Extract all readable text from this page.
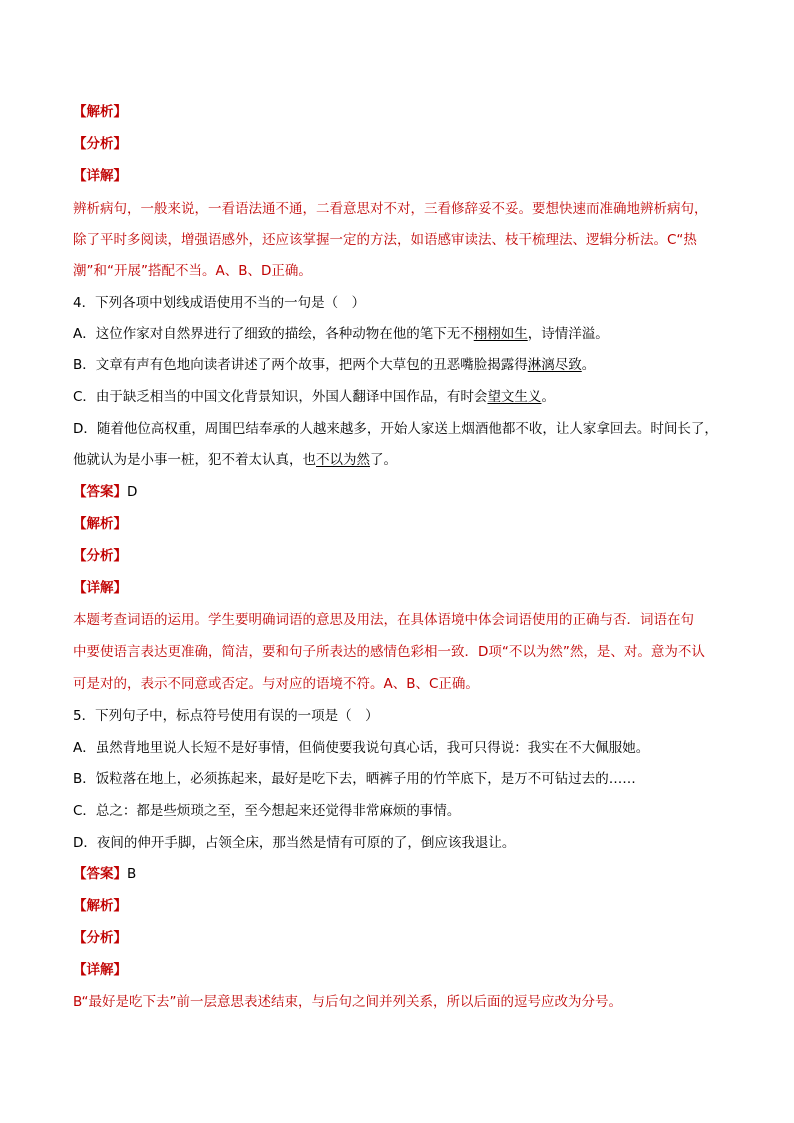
【解析】
【分析】
【详解】
辨析病句，一般来说，一看语法通不通，二看意思对不对，三看修辞妥不妥。要想快速而准确地辨析病句，
除了平时多阅读，增强语感外，还应该掌握一定的方法，如语感审读法、枝干梳理法、逻辑分析法。C“热
潮”和“开展”搭配不当。A、B、D正确。
4．下列各项中划线成语使用不当的一句是（　）
A．这位作家对自然界进行了细致的描绘，各种动物在他的笔下无不栩栩如生，诗情洋溢。
B．文章有声有色地向读者讲述了两个故事，把两个大草包的丑恶嘴脸揭露得淋漓尽致。
C．由于缺乏相当的中国文化背景知识，外国人翻译中国作品，有时会望文生义。
D．随着他位高权重，周围巴结奉承的人越来越多，开始人家送上烟酒他都不收，让人家拿回去。时间长了，
他就认为是小事一桩，犯不着太认真，也不以为然了。
【答案】D
【解析】
【分析】
【详解】
本题考查词语的运用。学生要明确词语的意思及用法，在具体语境中体会词语使用的正确与否．词语在句
中要使语言表达更准确，简洁，要和句子所表达的感情色彩相一致．D项“不以为然”然，是、对。意为不认
可是对的，表示不同意或否定。与对应的语境不符。A、B、C正确。
5．下列句子中，标点符号使用有误的一项是（　）
A．虽然背地里说人长短不是好事情，但倘使要我说句真心话，我可只得说：我实在不大佩服她。
B．饭粒落在地上，必须拣起来，最好是吃下去，晒裤子用的竹竿底下，是万不可钻过去的……
C．总之：都是些烦琐之至，至今想起来还觉得非常麻烦的事情。
D．夜间的伸开手脚，占领全床，那当然是情有可原的了，倒应该我退让。
【答案】B
【解析】
【分析】
【详解】
B“最好是吃下去”前一层意思表述结束，与后句之间并列关系，所以后面的逗号应改为分号。
